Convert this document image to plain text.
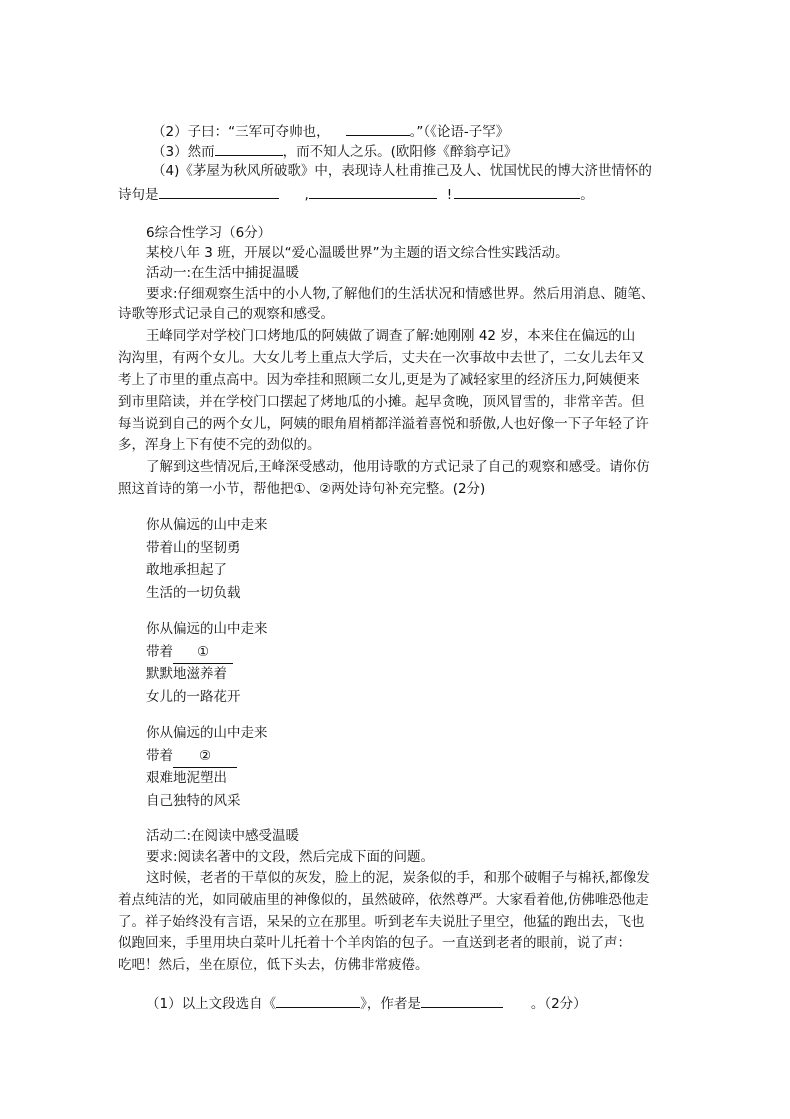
（2）子曰：“三军可夺帅也，	。”（《论语-子罕》
（3）然而	，而不知人之乐。(欧阳修《醉翁亭记》
（4)《茅屋为秋风所破歌》中，表现诗人杜甫推己及人、忧国忧民的博大济世情怀的
诗句是	,	!	。
6综合性学习（6分）
某校八年 3 班，开展以“爱心温暖世界”为主题的语文综合性实践活动。
活动一:在生活中捕捉温暖
要求:仔细观察生活中的小人物,了解他们的生活状况和情感世界。然后用消息、随笔、
诗歌等形式记录自己的观察和感受。
王峰同学对学校门口烤地瓜的阿姨做了调查了解:她刚刚 42 岁，本来住在偏远的山
沟沟里，有两个女儿。大女儿考上重点大学后，丈夫在一次事故中去世了，二女儿去年又
考上了市里的重点高中。因为牵挂和照顾二女儿,更是为了减轻家里的经济压力,阿姨便来
到市里陪读，并在学校门口摆起了烤地瓜的小摊。起早贪晚，顶风冒雪的，非常辛苦。但
每当说到自己的两个女儿，阿姨的眼角眉梢都洋溢着喜悦和骄傲,人也好像一下子年轻了许
多，浑身上下有使不完的劲似的。
了解到这些情况后,王峰深受感动，他用诗歌的方式记录了自己的观察和感受。请你仿
照这首诗的第一小节，帮他把①、②两处诗句补充完整。(2分)
你从偏远的山中走来
带着山的坚韧勇
敢地承担起了
生活的一切负载
你从偏远的山中走来
带着 ①
默默地滋养着
女儿的一路花开
你从偏远的山中走来
带着 ②
艰难地泥塑出
自己独特的风采
活动二:在阅读中感受温暖
要求:阅读名著中的文段，然后完成下面的问题。
这时候，老者的干草似的灰发，脸上的泥，炭条似的手，和那个破帽子与棉袄,都像发
着点纯洁的光，如同破庙里的神像似的，虽然破碎，依然尊严。大家看着他,仿佛唯恐他走
了。祥子始终没有言语，呆呆的立在那里。听到老车夫说肚子里空，他猛的跑出去，飞也
似跑回来，手里用块白菜叶儿托着十个羊肉馅的包子。一直送到老者的眼前，说了声：
吃吧！然后，坐在原位，低下头去，仿佛非常疲倦。
（1）以上文段选自《	》，作者是	。（2分）
